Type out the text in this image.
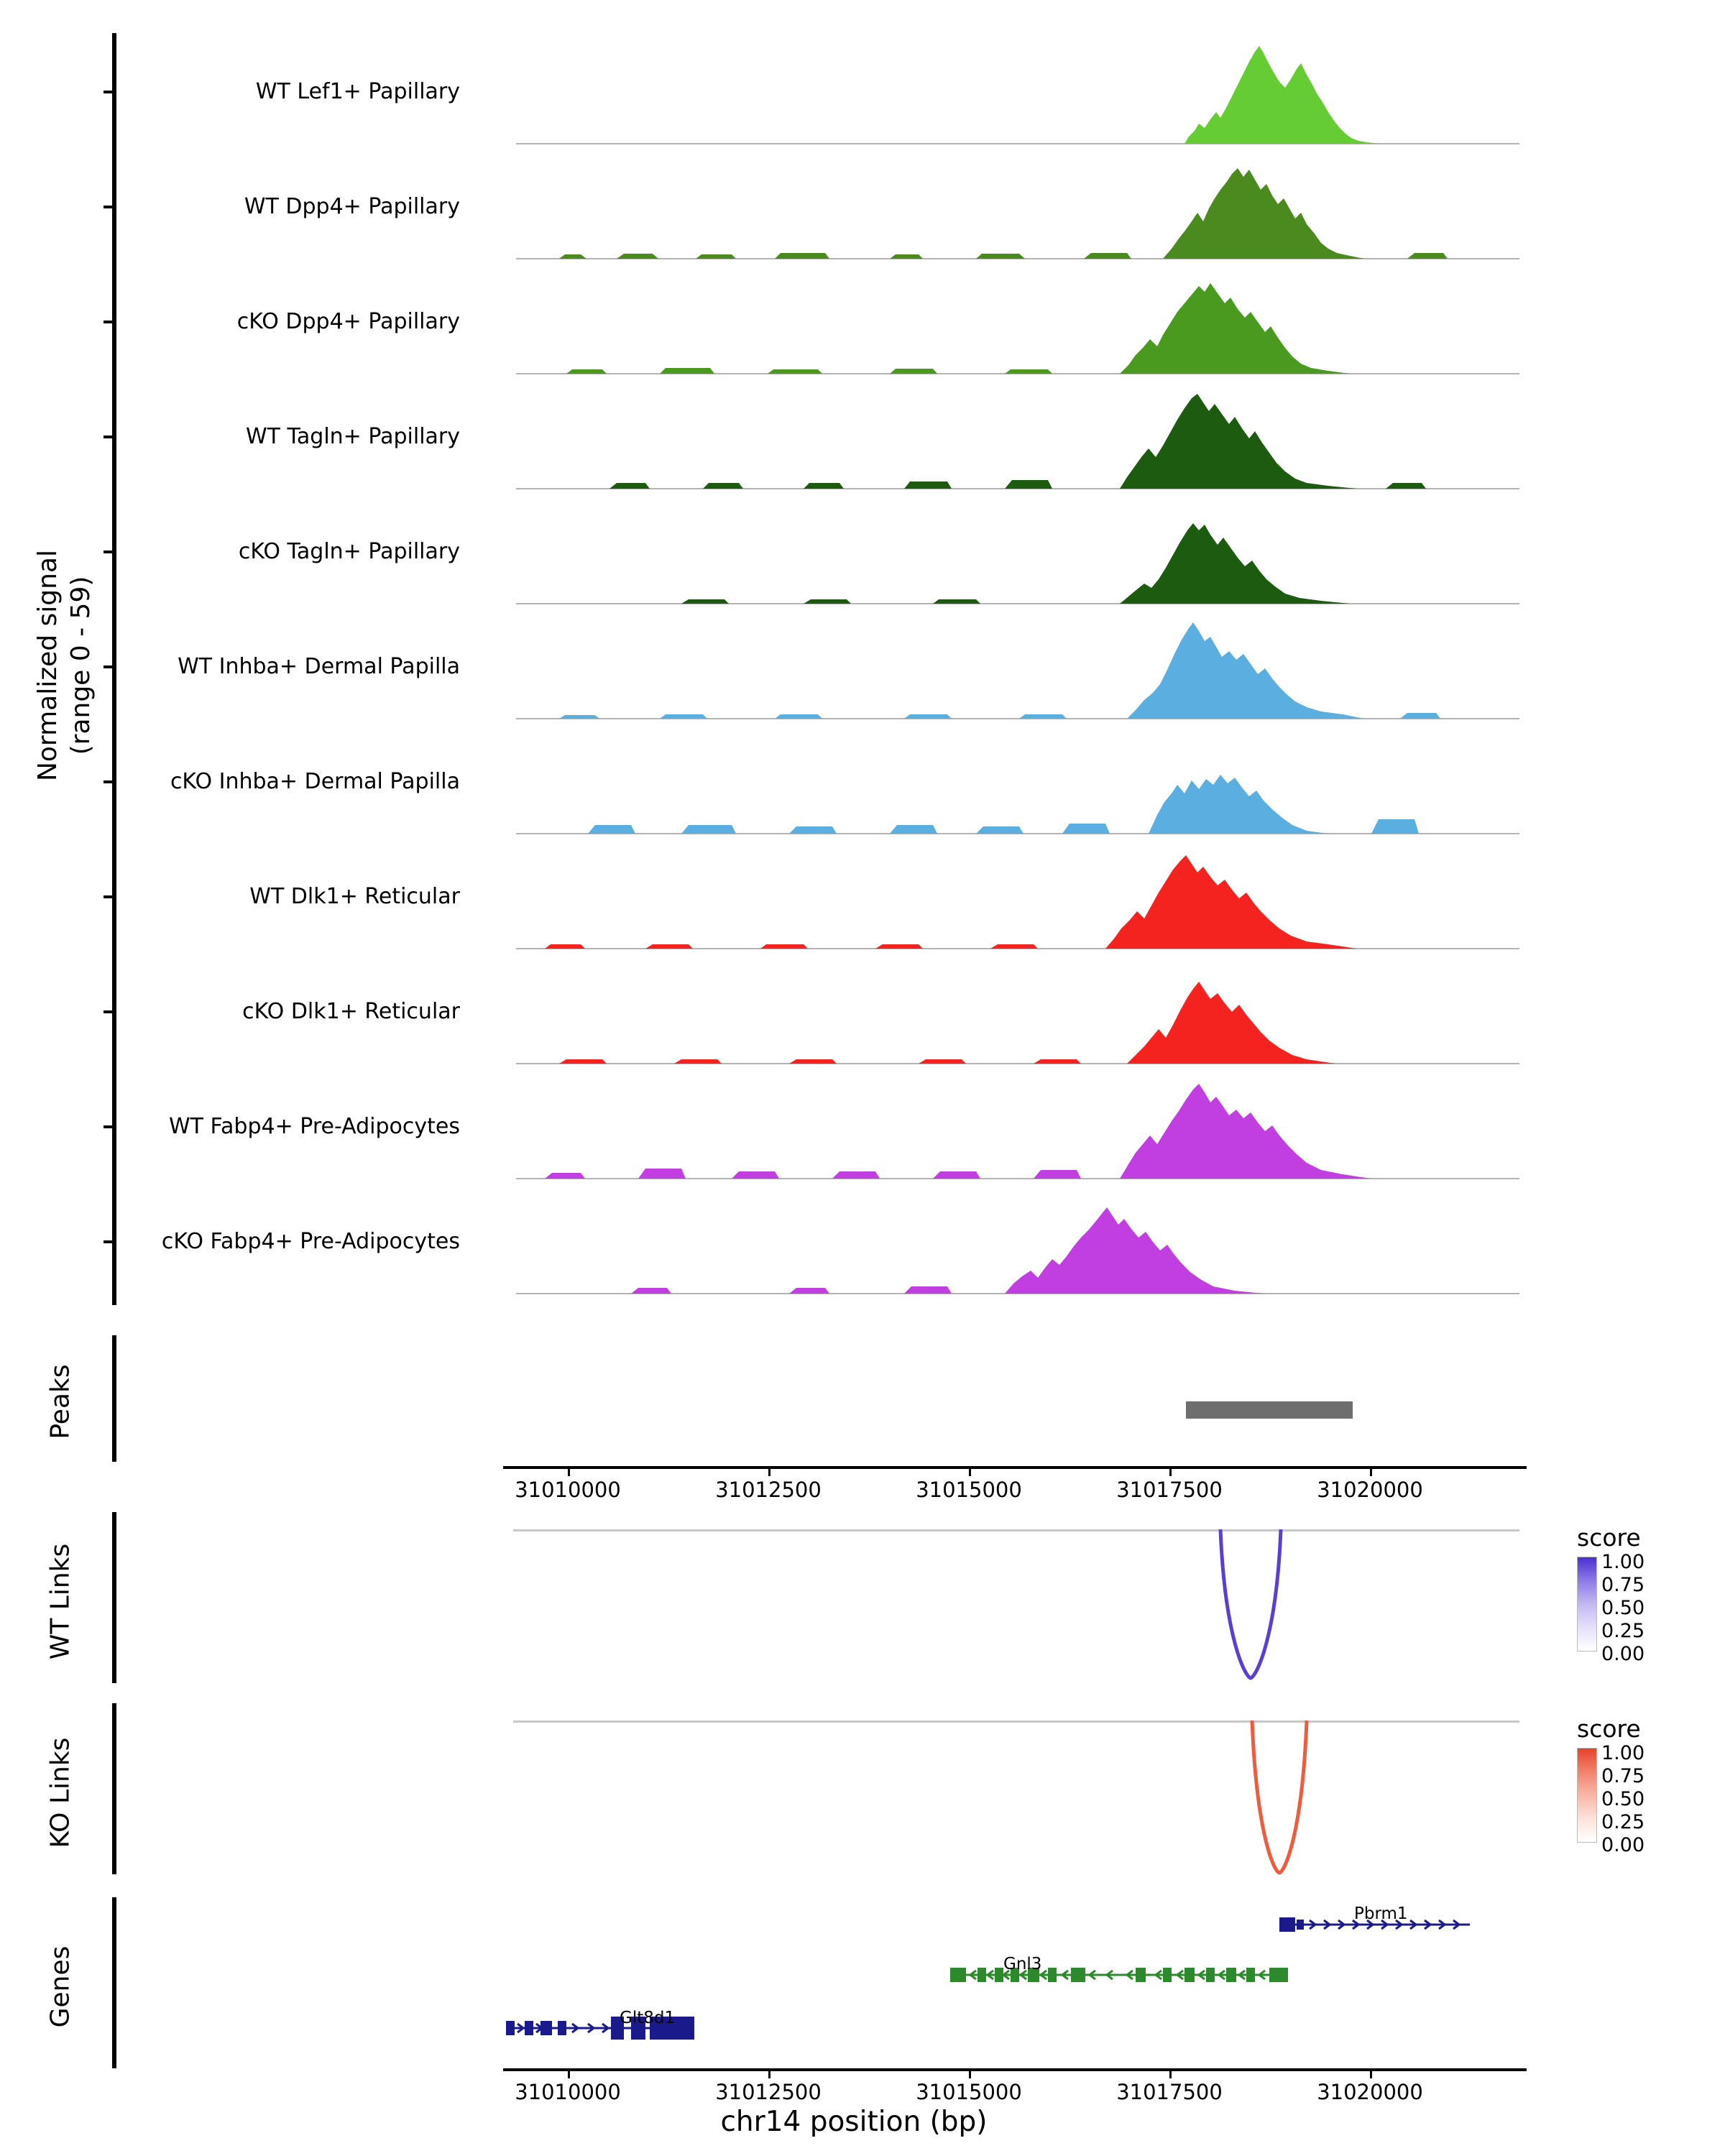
Normalized signal (range 0 - 59)
Peaks
WT Links
KO Links
Genes
WT Lef1+ Papillary
WT Dpp4+ Papillary
cKO Dpp4+ Papillary
WT Tagln+ Papillary
cKO Tagln+ Papillary
WT Inhba+ Dermal Papilla
cKO Inhba+ Dermal Papilla
WT Dlk1+ Reticular
cKO Dlk1+ Reticular
WT Fabp4+ Pre-Adipocytes
cKO Fabp4+ Pre-Adipocytes
31010000	31012500	31015000	31017500	31020000
score
1.00
0.75
0.50
0.25
0.00
score
1.00
0.75
0.50
0.25
0.00
Pbrm1
Gnl3
Glt8d1
31010000	31012500	31015000	31017500	31020000
chr14 position (bp)
